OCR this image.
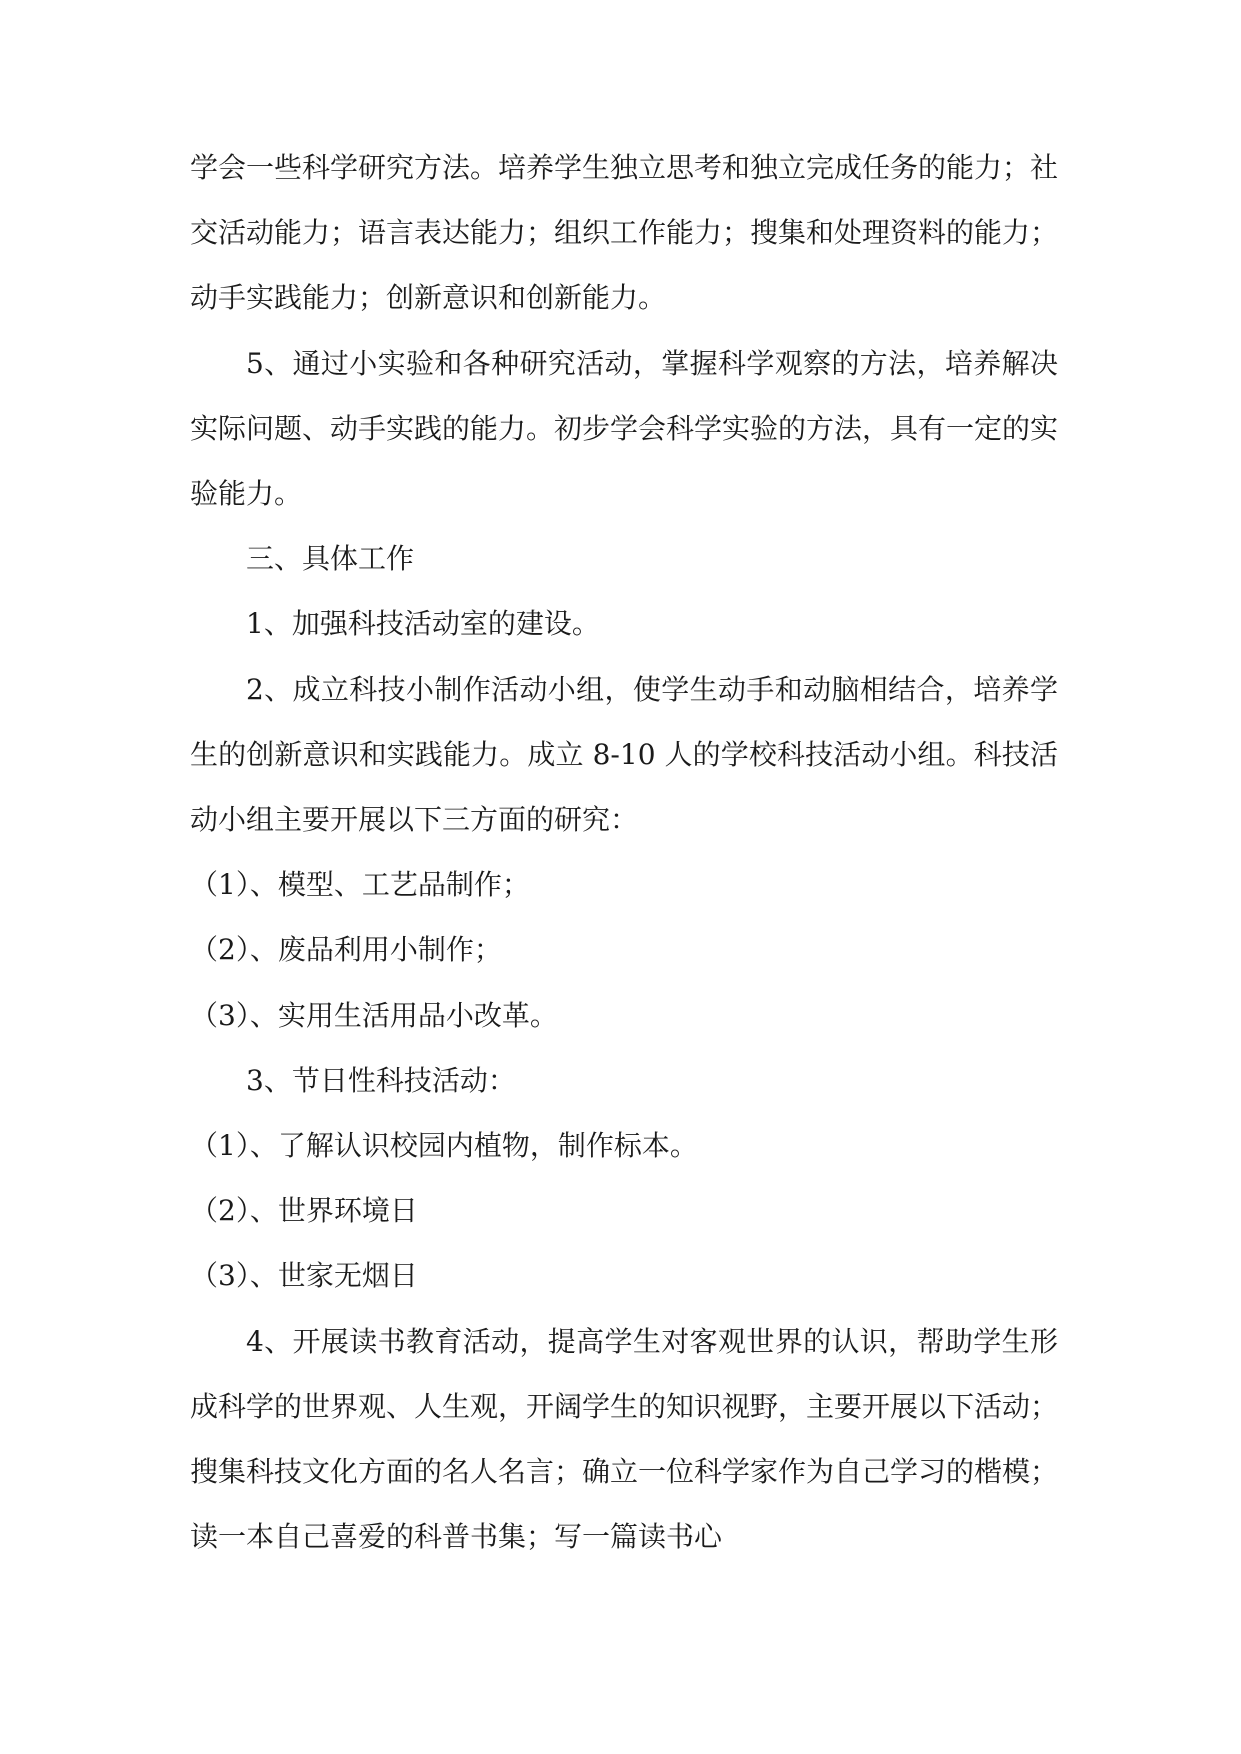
学会一些科学研究方法。培养学生独立思考和独立完成任务的能力；社交活动能力；语言表达能力；组织工作能力；搜集和处理资料的能力；动手实践能力；创新意识和创新能力。

5、通过小实验和各种研究活动，掌握科学观察的方法，培养解决实际问题、动手实践的能力。初步学会科学实验的方法，具有一定的实验能力。

三、具体工作

1、加强科技活动室的建设。

2、成立科技小制作活动小组，使学生动手和动脑相结合，培养学生的创新意识和实践能力。成立 8-10 人的学校科技活动小组。科技活动小组主要开展以下三方面的研究：

（1）、模型、工艺品制作；

（2）、废品利用小制作；

（3）、实用生活用品小改革。

3、节日性科技活动：

（1）、了解认识校园内植物，制作标本。

（2）、世界环境日

（3）、世家无烟日

4、开展读书教育活动，提高学生对客观世界的认识，帮助学生形成科学的世界观、人生观，开阔学生的知识视野，主要开展以下活动；搜集科技文化方面的名人名言；确立一位科学家作为自己学习的楷模；读一本自己喜爱的科普书集；写一篇读书心
